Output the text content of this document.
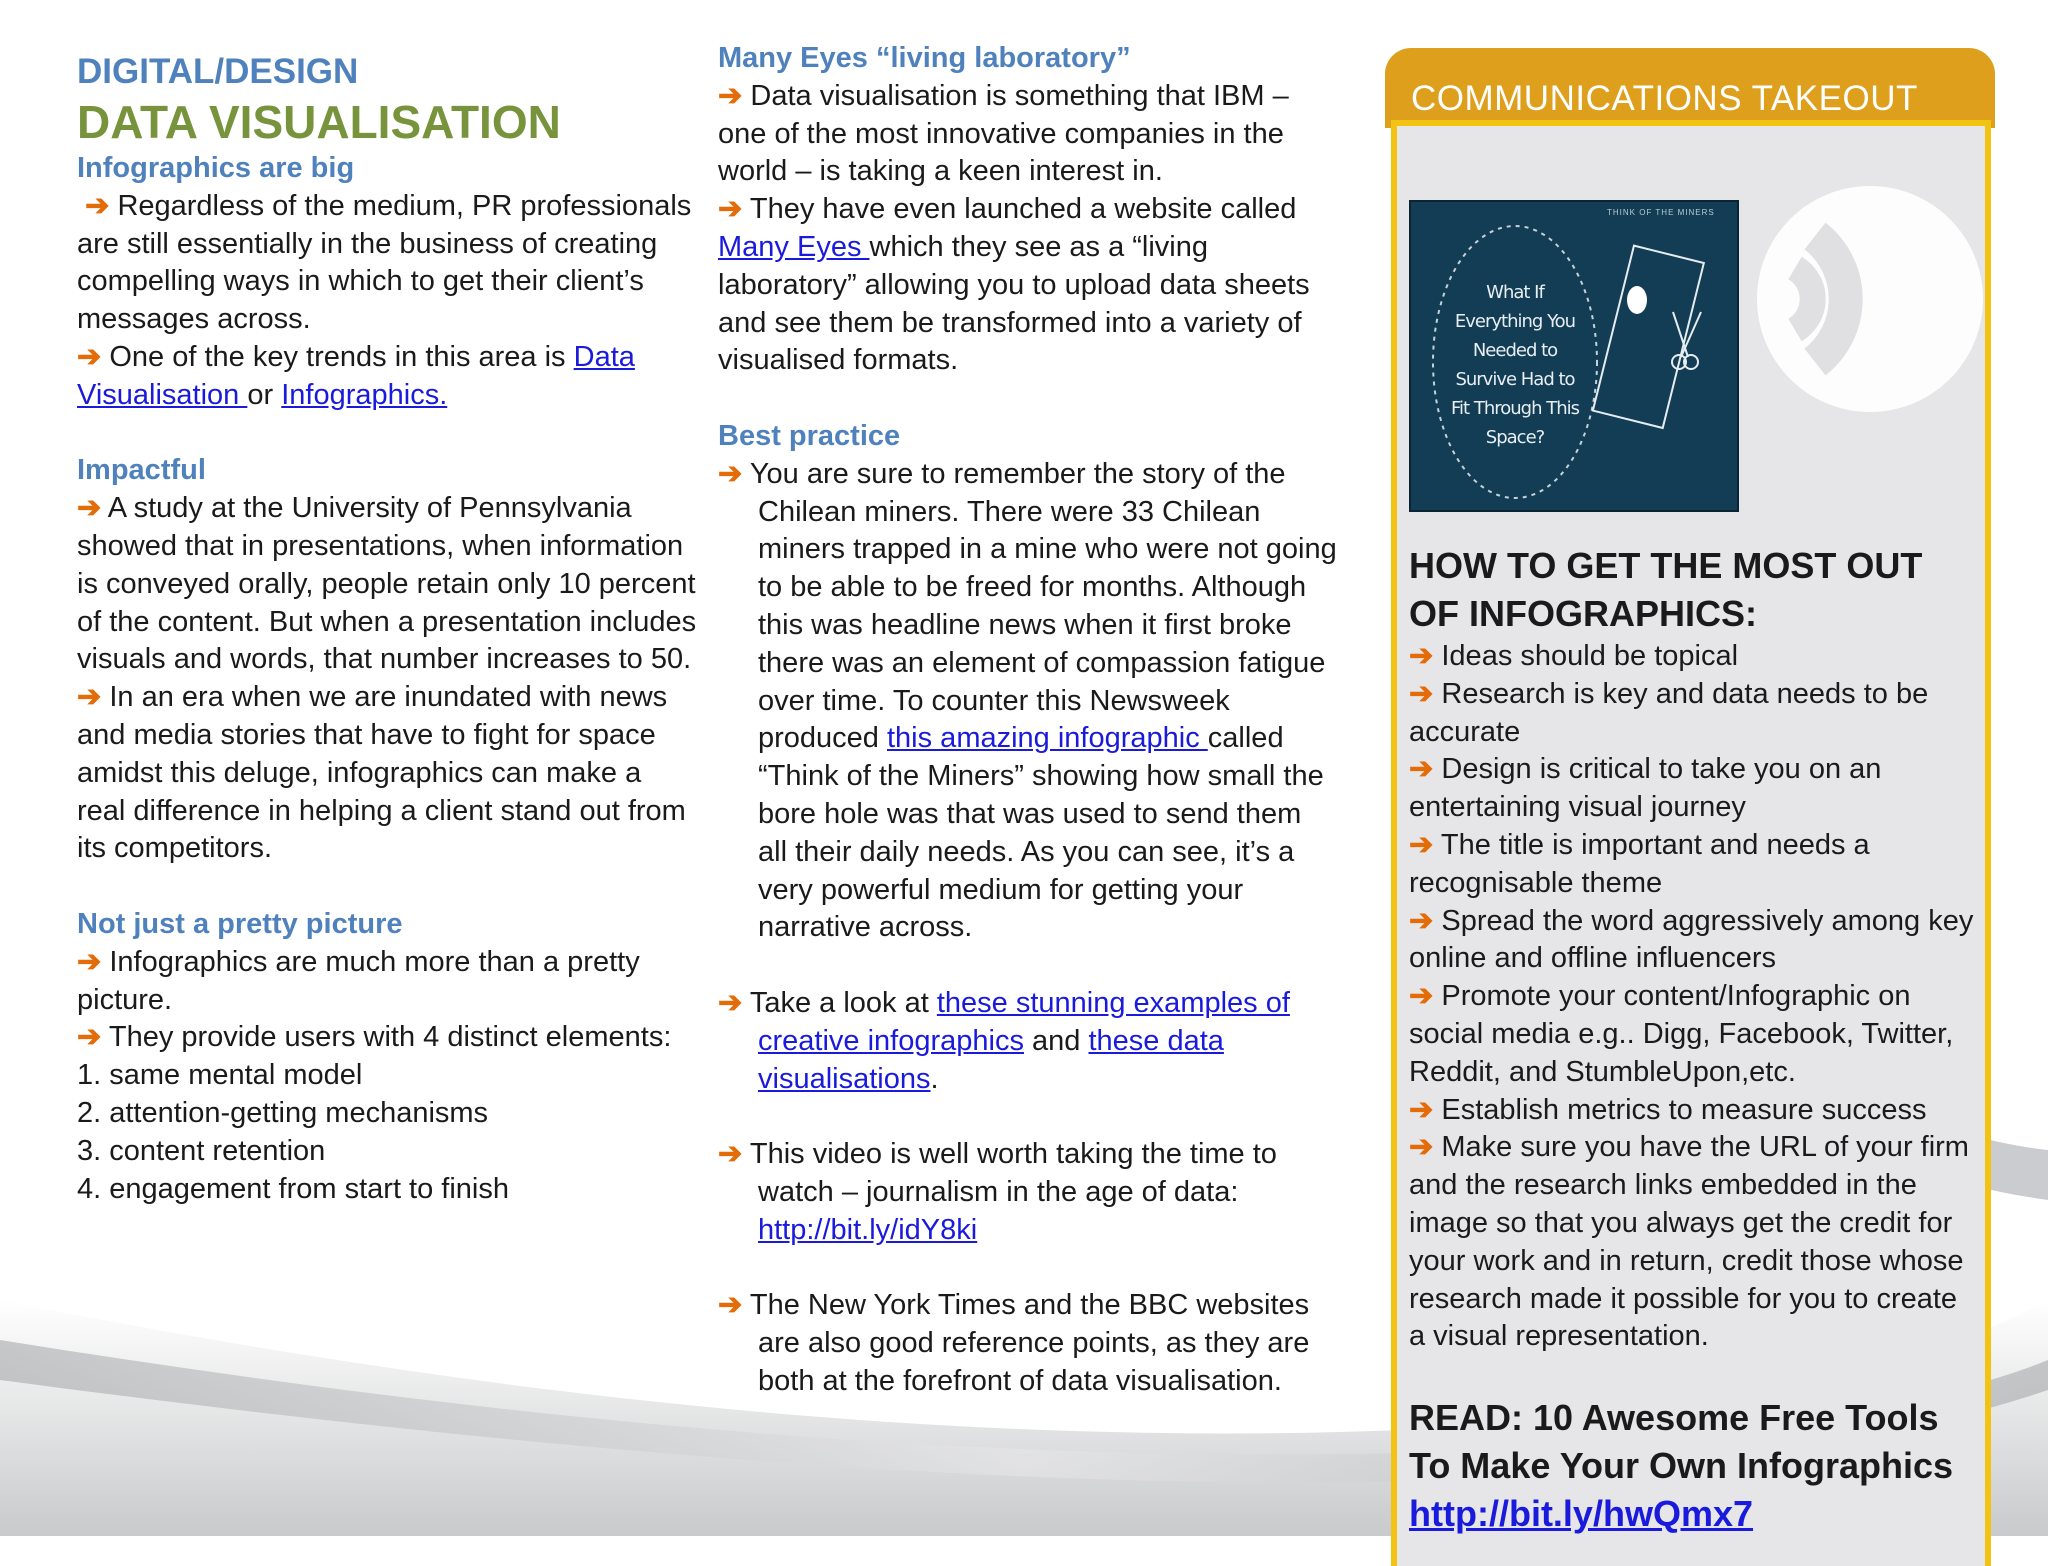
DIGITAL/DESIGN

DATA VISUALISATION

Infographics are big

➔ Regardless of the medium, PR professionals are still essentially in the business of creating compelling ways in which to get their client’s messages across.

➔ One of the key trends in this area is Data Visualisation or Infographics.

Impactful

➔ A study at the University of Pennsylvania showed that in presentations, when information is conveyed orally, people retain only 10 percent of the content. But when a presentation includes visuals and words, that number increases to 50.

➔ In an era when we are inundated with news and media stories that have to fight for space amidst this deluge, infographics can make a real difference in helping a client stand out from its competitors.

Not just a pretty picture

➔ Infographics are much more than a pretty picture.

➔ They provide users with 4 distinct elements:

1. same mental model

2. attention-getting mechanisms

3. content retention

4. engagement from start to finish

Many Eyes “living laboratory”

➔ Data visualisation is something that IBM – one of the most innovative companies in the world – is taking a keen interest in.

➔ They have even launched a website called Many Eyes which they see as a “living laboratory” allowing you to upload data sheets and see them be transformed into a variety of visualised formats.

Best practice

➔ You are sure to remember the story of the Chilean miners. There were 33 Chilean miners trapped in a mine who were not going to be able to be freed for months. Although this was headline news when it first broke there was an element of compassion fatigue over time. To counter this Newsweek produced this amazing infographic called “Think of the Miners” showing how small the bore hole was that was used to send them all their daily needs. As you can see, it’s a very powerful medium for getting your narrative across.

➔ Take a look at these stunning examples of creative infographics and these data visualisations.

➔ This video is well worth taking the time to watch – journalism in the age of data: http://bit.ly/idY8ki

➔ The New York Times and the BBC websites are also good reference points, as they are both at the forefront of data visualisation.

COMMUNICATIONS TAKEOUT
THINK OF THE MINERS
What If Everything You Needed to Survive Had to Fit Through This Space?

HOW TO GET THE MOST OUT OF INFOGRAPHICS:

➔ Ideas should be topical

➔ Research is key and data needs to be accurate

➔ Design is critical to take you on an entertaining visual journey

➔ The title is important and needs a recognisable theme

➔ Spread the word aggressively among key online and offline influencers

➔ Promote your content/Infographic on social media e.g.. Digg, Facebook, Twitter, Reddit, and StumbleUpon,etc.

➔ Establish metrics to measure success

➔ Make sure you have the URL of your firm and the research links embedded in the image so that you always get the credit for your work and in return, credit those whose research made it possible for you to create a visual representation.

READ: 10 Awesome Free Tools To Make Your Own Infographics

http://bit.ly/hwQmx7
